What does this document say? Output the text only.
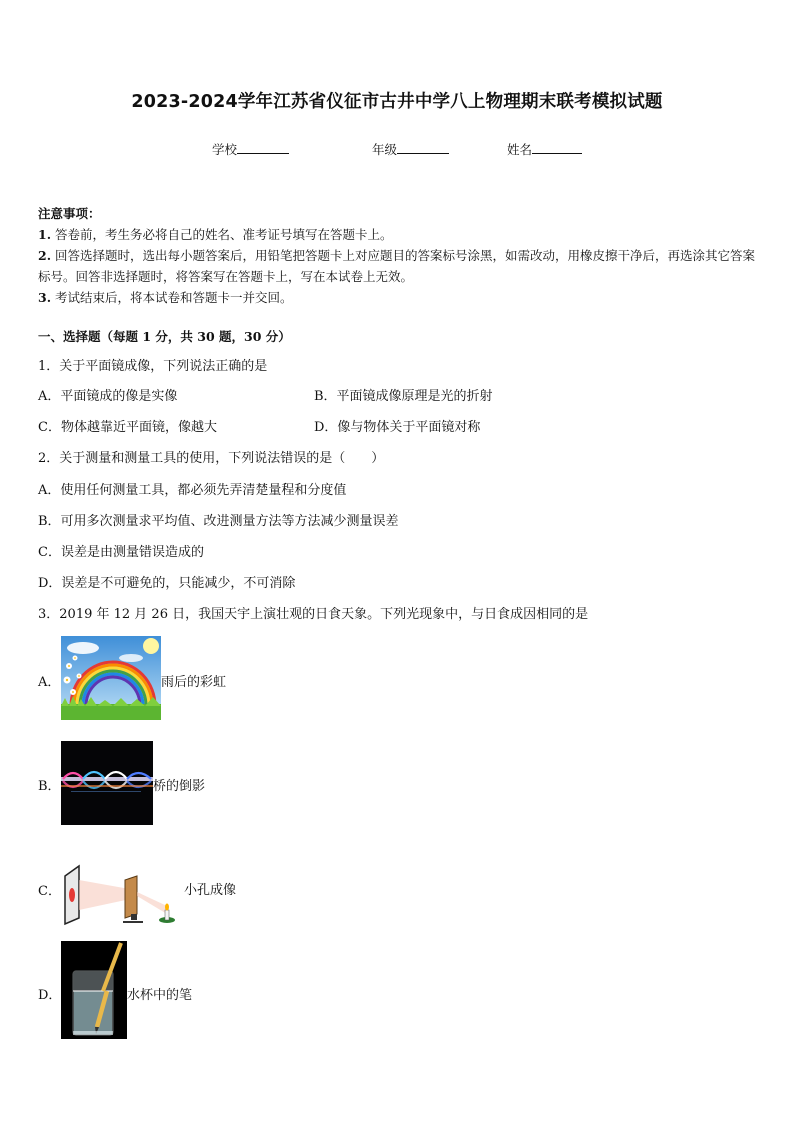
2023-2024学年江苏省仪征市古井中学八上物理期末联考模拟试题
学校	年级	姓名

注意事项：

1. 答卷前，考生务必将自己的姓名、准考证号填写在答题卡上。

2. 回答选择题时，选出每小题答案后，用铅笔把答题卡上对应题目的答案标号涂黑，如需改动，用橡皮擦干净后，再选涂其它答案标号。回答非选择题时，将答案写在答题卡上，写在本试卷上无效。

3. 考试结束后，将本试卷和答题卡一并交回。

一、选择题（每题 1 分，共 30 题，30 分）
1．关于平面镜成像，下列说法正确的是
A．平面镜成的像是实像	B．平面镜成像原理是光的折射
C．物体越靠近平面镜，像越大	D．像与物体关于平面镜对称
2．关于测量和测量工具的使用，下列说法错误的是（　　）
A．使用任何测量工具，都必须先弄清楚量程和分度值
B．可用多次测量求平均值、改进测量方法等方法减少测量误差
C．误差是由测量错误造成的
D．误差是不可避免的，只能减少，不可消除
3．2019 年 12 月 26 日，我国天宇上演壮观的日食天象。下列光现象中，与日食成因相同的是
A．	雨后的彩虹
B．	桥的倒影
C．	小孔成像
D．	水杯中的笔
